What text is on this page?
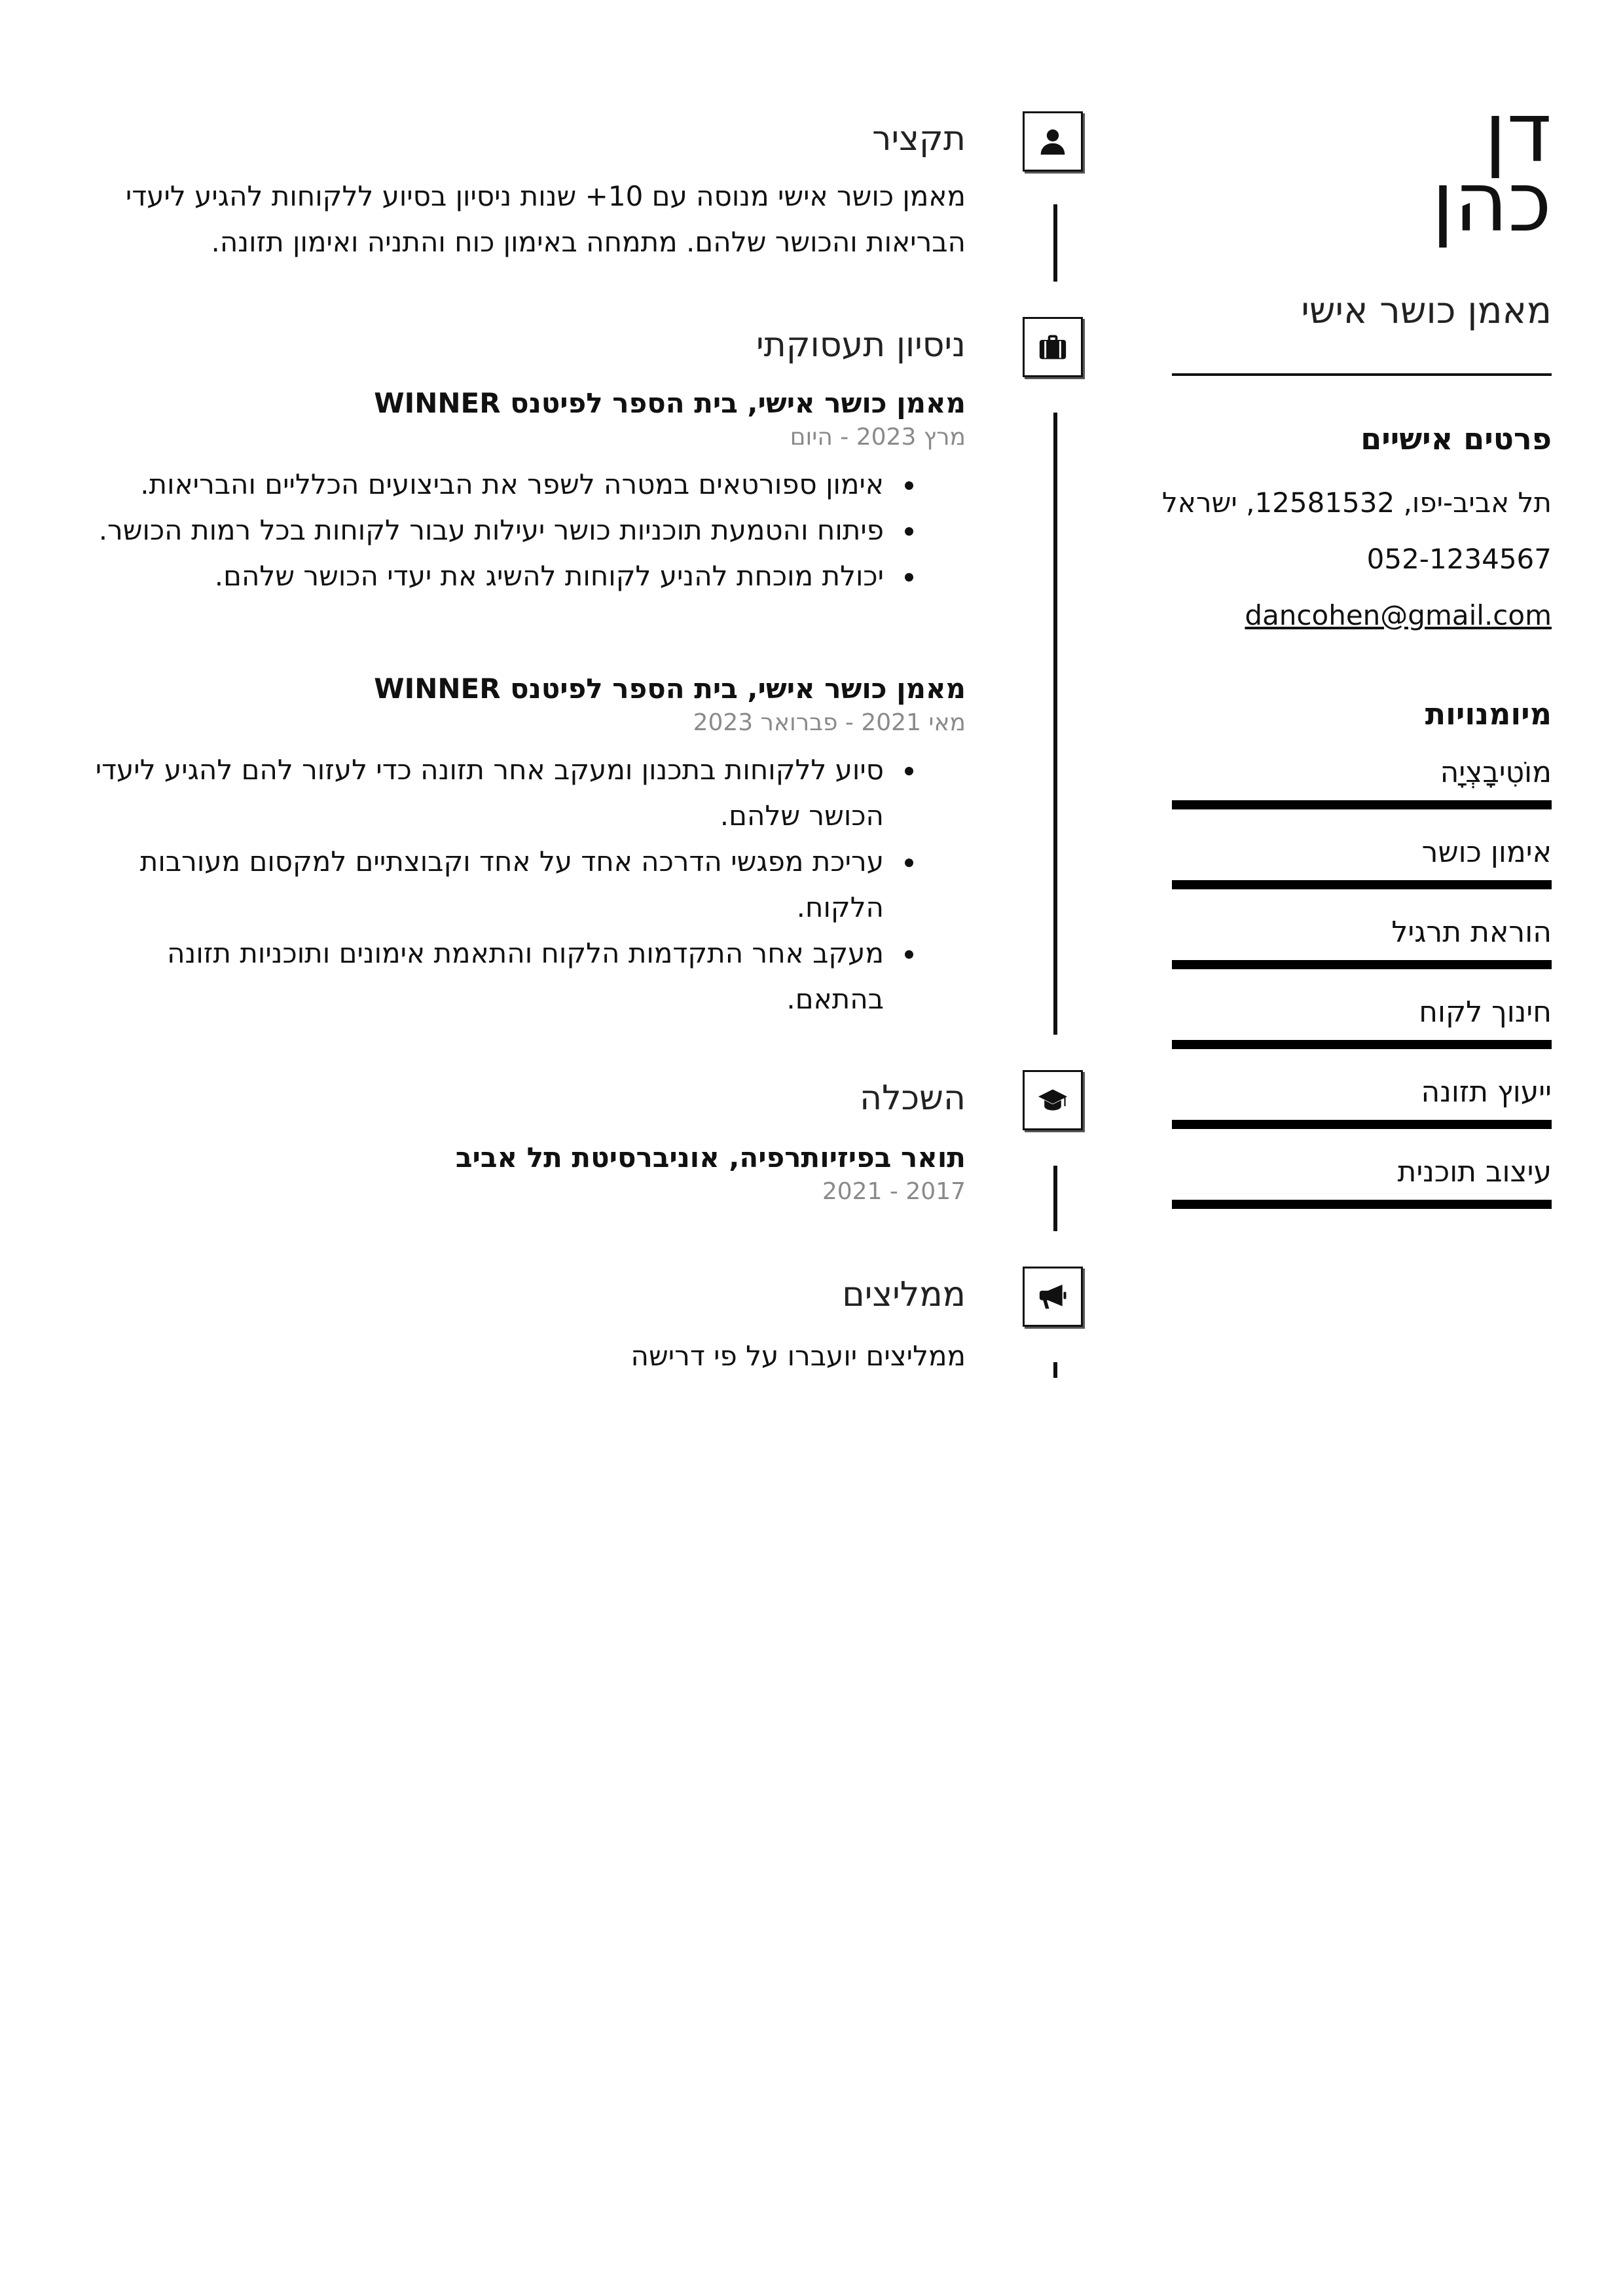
דן
כהן
מאמן כושר אישי
פרטים אישיים
תל אביב-יפו, 12581532, ישראל
052-1234567
dancohen@gmail.com
מיומנויות
מוֹטִיבָצְיָה
אימון כושר
הוראת תרגיל
חינוך לקוח
ייעוץ תזונה
עיצוב תוכנית
תקציר

מאמן כושר אישי מנוסה עם 10+ שנות ניסיון בסיוע ללקוחות להגיע ליעדי הבריאות והכושר שלהם. מתמחה באימון כוח והתניה ואימון תזונה.

ניסיון תעסוקתי
מאמן כושר אישי, בית הספר לפיטנס WINNER
מרץ 2023 - היום
אימון ספורטאים במטרה לשפר את הביצועים הכלליים והבריאות.
פיתוח והטמעת תוכניות כושר יעילות עבור לקוחות בכל רמות הכושר.
יכולת מוכחת להניע לקוחות להשיג את יעדי הכושר שלהם.
מאמן כושר אישי, בית הספר לפיטנס WINNER
מאי 2021 - פברואר 2023
סיוע ללקוחות בתכנון ומעקב אחר תזונה כדי לעזור להם להגיע ליעדי הכושר שלהם.
עריכת מפגשי הדרכה אחד על אחד וקבוצתיים למקסום מעורבות הלקוח.
מעקב אחר התקדמות הלקוח והתאמת אימונים ותוכניות תזונה בהתאם.
השכלה
תואר בפיזיותרפיה, אוניברסיטת תל אביב
2017 - 2021
ממליצים

ממליצים יועברו על פי דרישה
